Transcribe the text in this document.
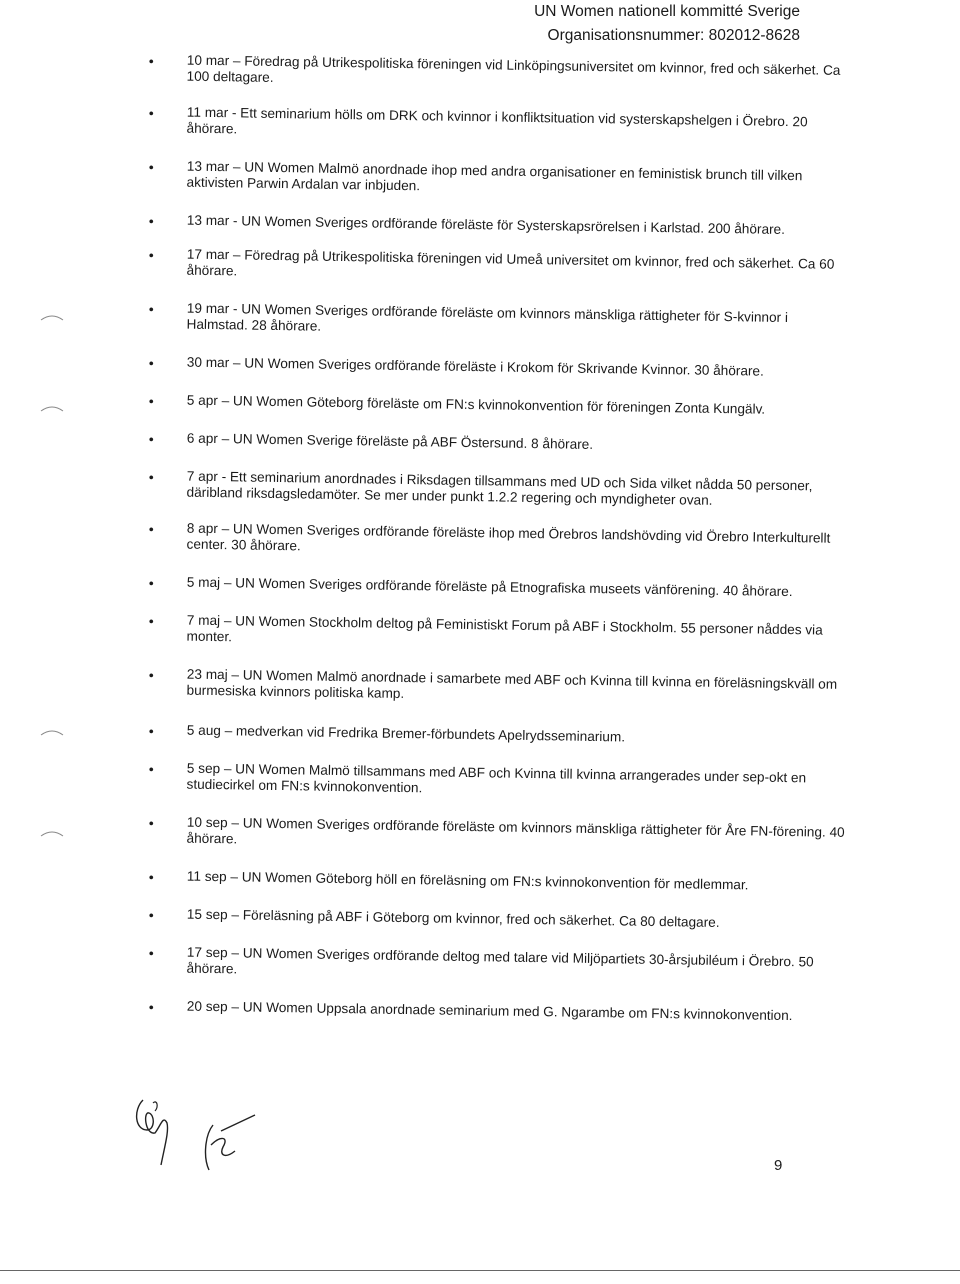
UN Women nationell kommitté Sverige
Organisationsnummer: 802012-8628
•	10 mar – Föredrag på Utrikespolitiska föreningen vid Linköpingsuniversitet om kvinnor, fred och säkerhet. Ca 100 deltagare.
•	11 mar - Ett seminarium hölls om DRK och kvinnor i konfliktsituation vid systerskapshelgen i Örebro. 20 åhörare.
•	13 mar – UN Women Malmö anordnade ihop med andra organisationer en feministisk brunch till vilken aktivisten Parwin Ardalan var inbjuden.
•	13 mar - UN Women Sveriges ordförande föreläste för Systerskapsrörelsen i Karlstad. 200 åhörare.
•	17 mar – Föredrag på Utrikespolitiska föreningen vid Umeå universitet om kvinnor, fred och säkerhet. Ca 60 åhörare.
•	19 mar - UN Women Sveriges ordförande föreläste om kvinnors mänskliga rättigheter för S-kvinnor i Halmstad. 28 åhörare.
•	30 mar – UN Women Sveriges ordförande föreläste i Krokom för Skrivande Kvinnor. 30 åhörare.
•	5 apr – UN Women Göteborg föreläste om FN:s kvinnokonvention för föreningen Zonta Kungälv.
•	6 apr – UN Women Sverige föreläste på ABF Östersund. 8 åhörare.
•	7 apr - Ett seminarium anordnades i Riksdagen tillsammans med UD och Sida vilket nådda 50 personer, däribland riksdagsledamöter. Se mer under punkt 1.2.2 regering och myndigheter ovan.
•	8 apr – UN Women Sveriges ordförande föreläste ihop med Örebros landshövding vid Örebro Interkulturellt center. 30 åhörare.
•	5 maj – UN Women Sveriges ordförande föreläste på Etnografiska museets vänförening. 40 åhörare.
•	7 maj – UN Women Stockholm deltog på Feministiskt Forum på ABF i Stockholm. 55 personer nåddes via monter.
•	23 maj – UN Women Malmö anordnade i samarbete med ABF och Kvinna till kvinna en föreläsningskväll om burmesiska kvinnors politiska kamp.
•	5 aug – medverkan vid Fredrika Bremer-förbundets Apelrydsseminarium.
•	5 sep – UN Women Malmö tillsammans med ABF och Kvinna till kvinna arrangerades under sep-okt en studiecirkel om FN:s kvinnokonvention.
•	10 sep – UN Women Sveriges ordförande föreläste om kvinnors mänskliga rättigheter för Åre FN-förening. 40 åhörare.
•	11 sep – UN Women Göteborg höll en föreläsning om FN:s kvinnokonvention för medlemmar.
•	15 sep – Föreläsning på ABF i Göteborg om kvinnor, fred och säkerhet. Ca 80 deltagare.
•	17 sep – UN Women Sveriges ordförande deltog med talare vid Miljöpartiets 30-årsjubiléum i Örebro. 50 åhörare.
•	20 sep – UN Women Uppsala anordnade seminarium med G. Ngarambe om FN:s kvinnokonvention.
9
